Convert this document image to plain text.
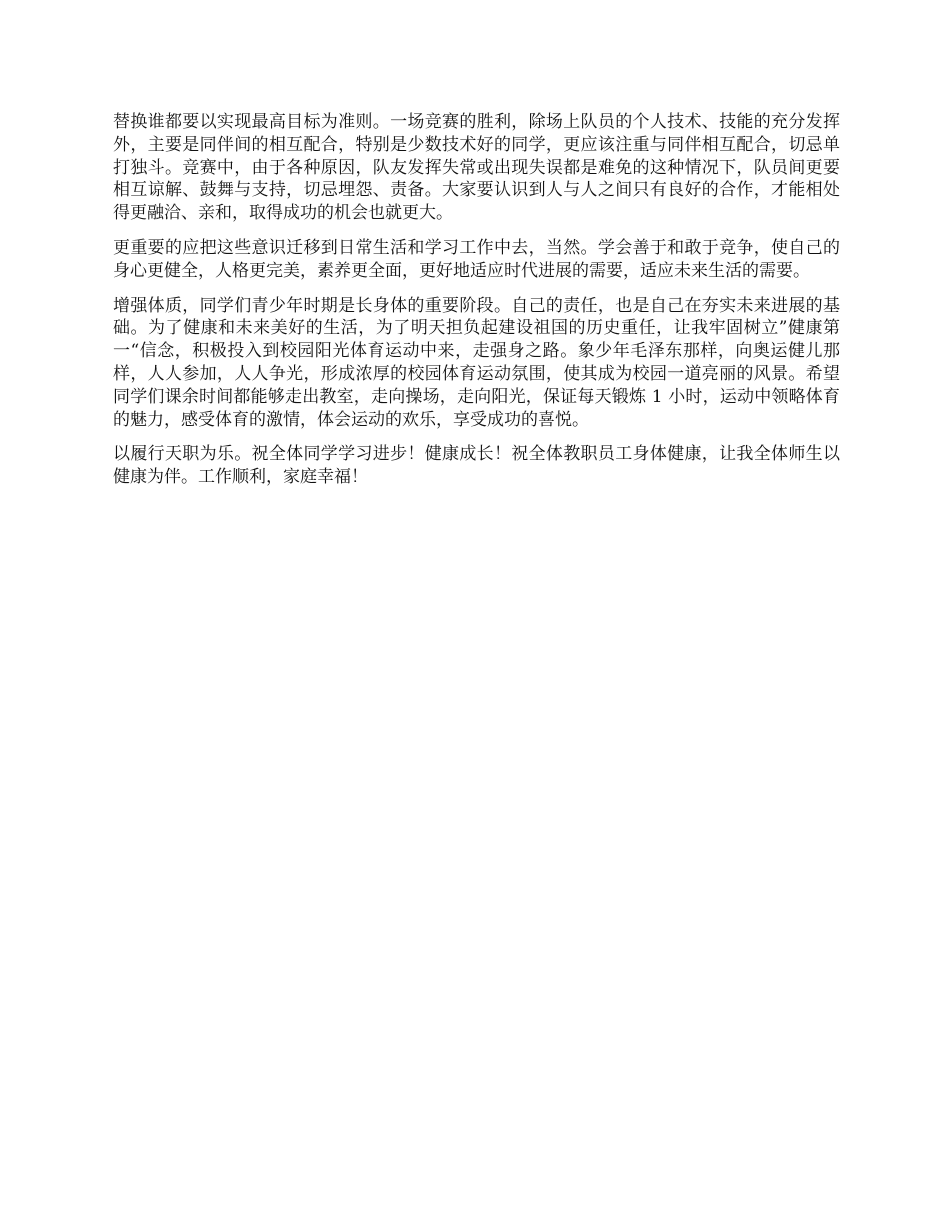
替换谁都要以实现最高目标为准则。一场竞赛的胜利，除场上队员的个人技术、技能的充分发挥外，主要是同伴间的相互配合，特别是少数技术好的同学，更应该注重与同伴相互配合，切忌单打独斗。竞赛中，由于各种原因，队友发挥失常或出现失误都是难免的这种情况下，队员间更要相互谅解、鼓舞与支持，切忌埋怨、责备。大家要认识到人与人之间只有良好的合作，才能相处得更融洽、亲和，取得成功的机会也就更大。

更重要的应把这些意识迁移到日常生活和学习工作中去，当然。学会善于和敢于竞争，使自己的身心更健全，人格更完美，素养更全面，更好地适应时代进展的需要，适应未来生活的需要。

增强体质，同学们青少年时期是长身体的重要阶段。自己的责任，也是自己在夯实未来进展的基础。为了健康和未来美好的生活，为了明天担负起建设祖国的历史重任，让我牢固树立”健康第一“信念，积极投入到校园阳光体育运动中来，走强身之路。象少年毛泽东那样，向奥运健儿那样，人人参加，人人争光，形成浓厚的校园体育运动氛围，使其成为校园一道亮丽的风景。希望同学们课余时间都能够走出教室，走向操场，走向阳光，保证每天锻炼 1 小时，运动中领略体育的魅力，感受体育的激情，体会运动的欢乐，享受成功的喜悦。

以履行天职为乐。祝全体同学学习进步！健康成长！祝全体教职员工身体健康，让我全体师生以健康为伴。工作顺利，家庭幸福！
